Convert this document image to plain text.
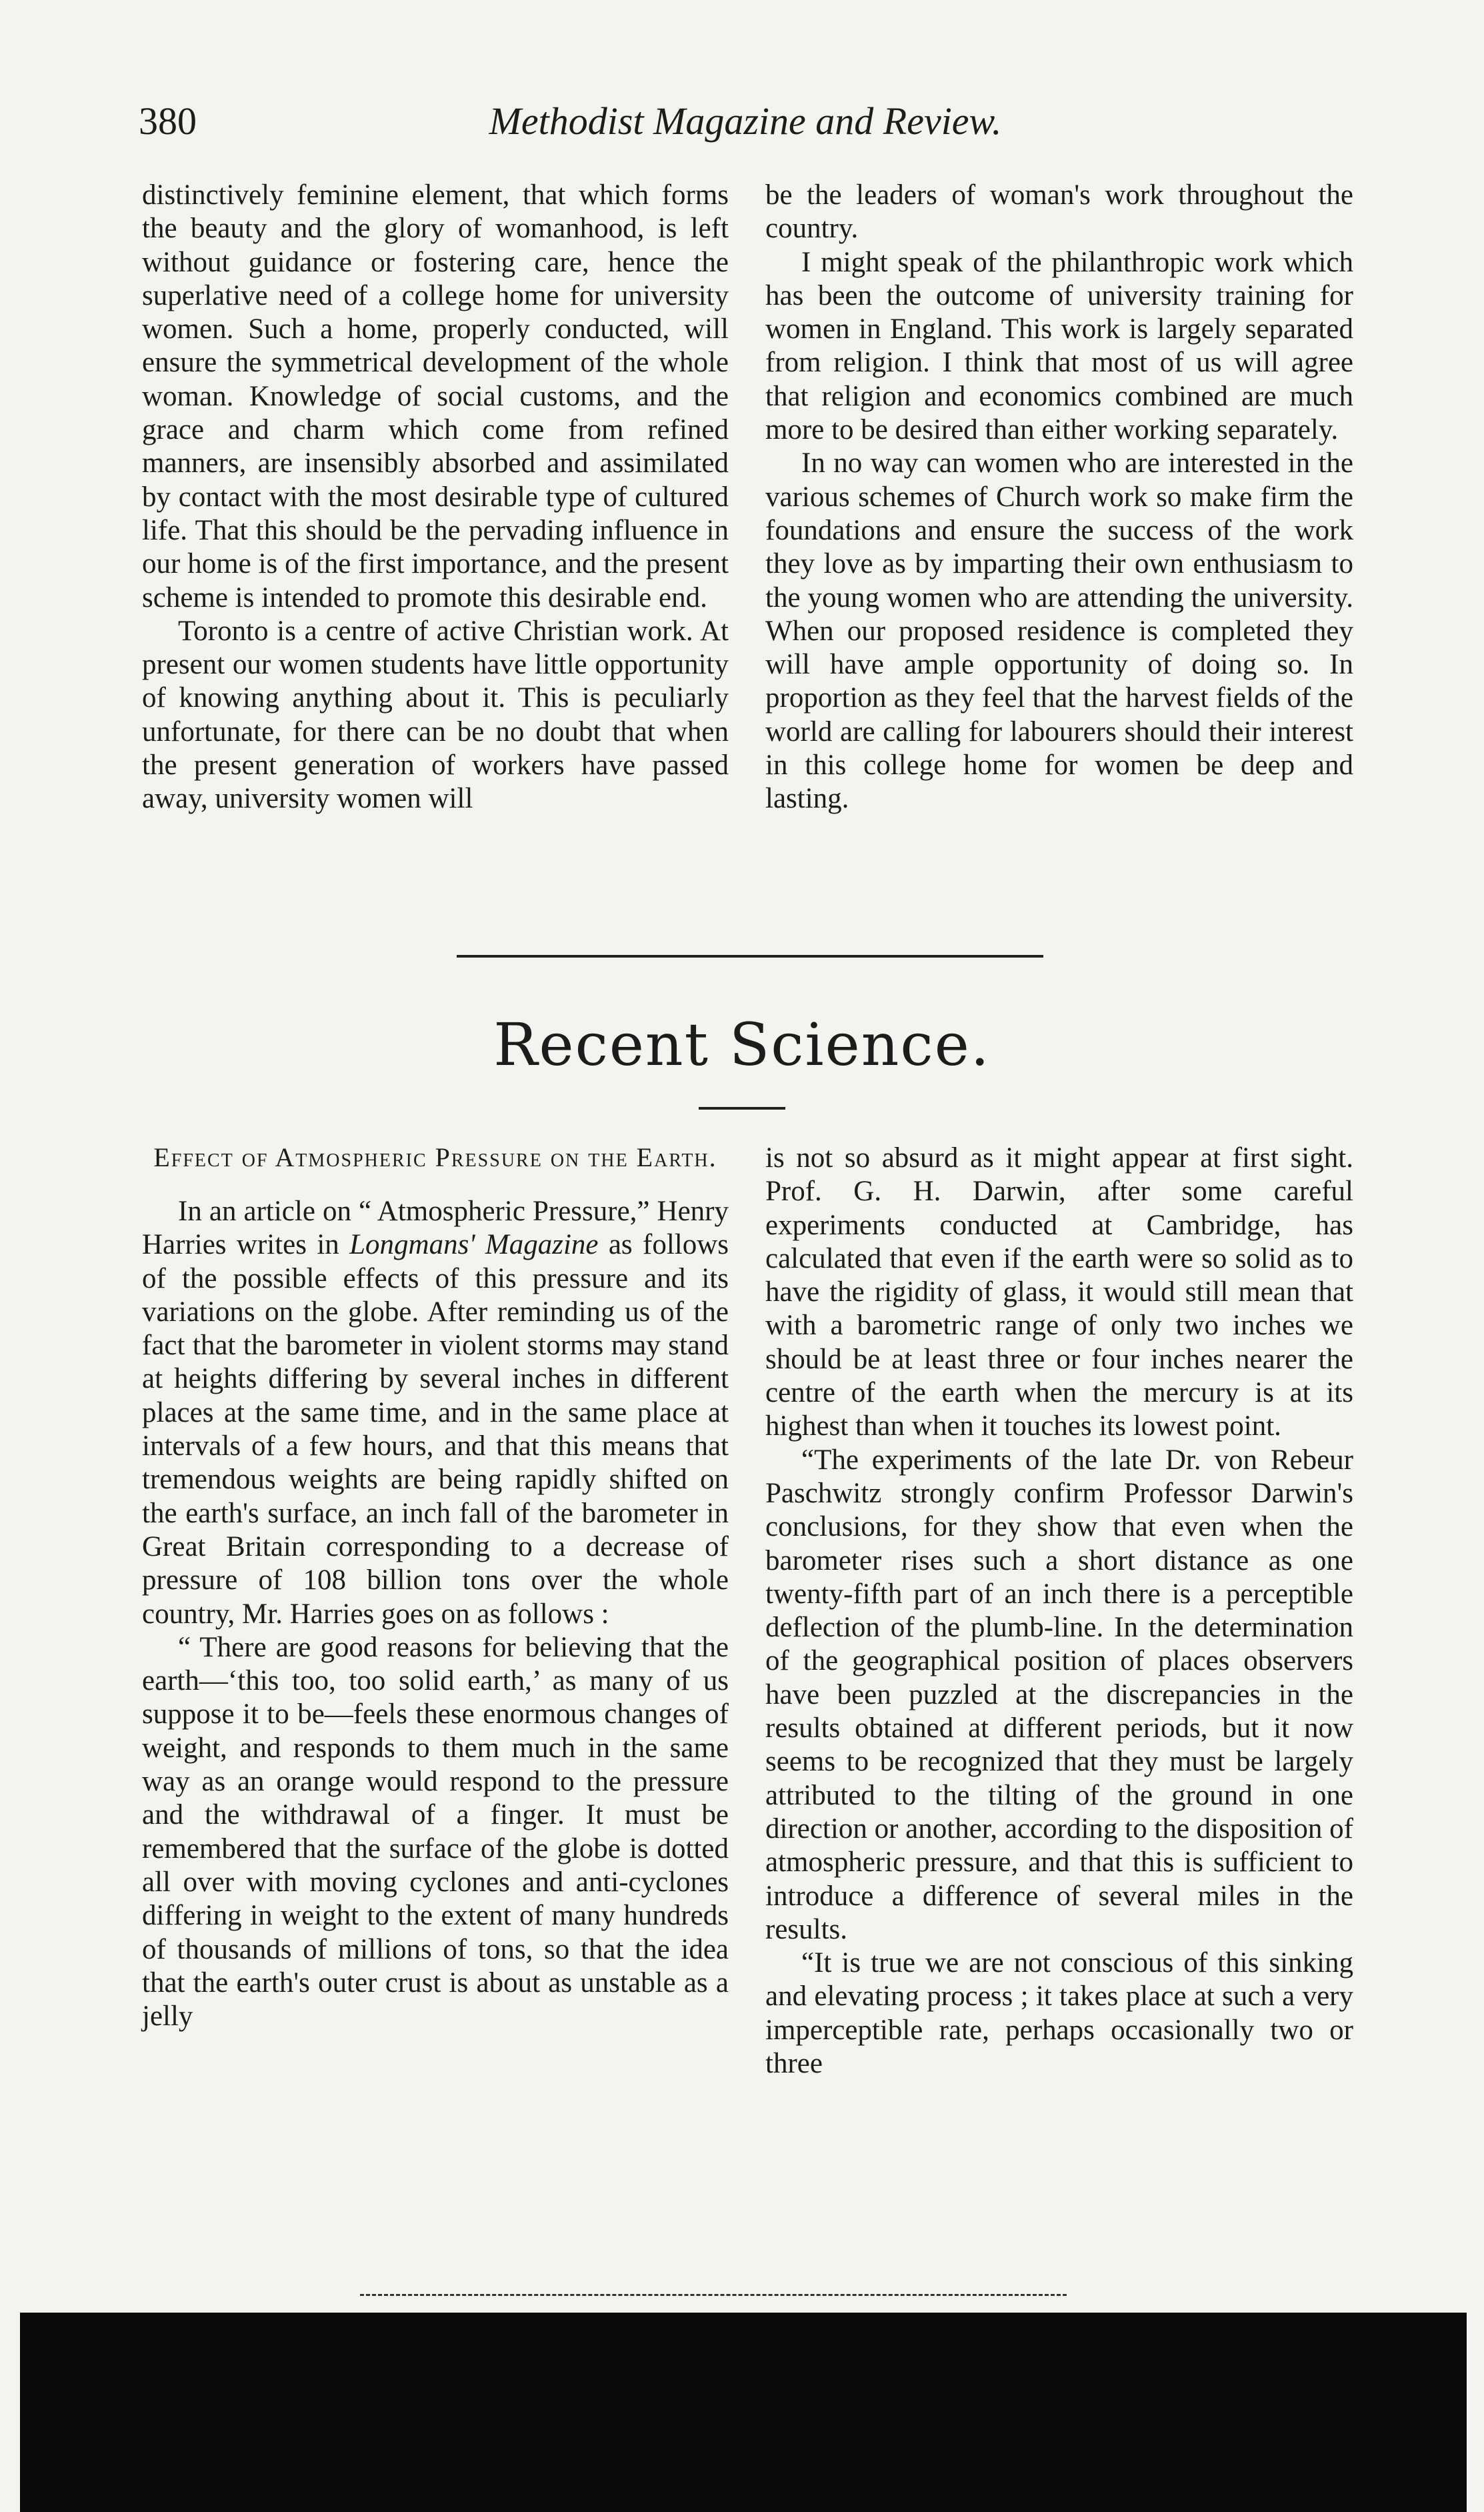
380	Methodist Magazine and Review.

distinctively feminine element, that which forms the beauty and the glory of womanhood, is left without guidance or fostering care, hence the superlative need of a college home for university women. Such a home, properly conducted, will ensure the symmetrical development of the whole woman. Knowledge of social customs, and the grace and charm which come from refined manners, are insensibly absorbed and assimilated by contact with the most desirable type of cultured life. That this should be the pervading influence in our home is of the first importance, and the present scheme is intended to promote this desirable end.

Toronto is a centre of active Christian work. At present our women students have little opportunity of knowing anything about it. This is peculiarly unfortunate, for there can be no doubt that when the present generation of workers have passed away, university women will

be the leaders of woman's work throughout the country.

I might speak of the philanthropic work which has been the outcome of university training for women in England. This work is largely separated from religion. I think that most of us will agree that religion and economics combined are much more to be desired than either working separately.

In no way can women who are interested in the various schemes of Church work so make firm the foundations and ensure the success of the work they love as by imparting their own enthusiasm to the young women who are attending the university. When our proposed residence is completed they will have ample opportunity of doing so. In proportion as they feel that the harvest fields of the world are calling for labourers should their interest in this college home for women be deep and lasting.

Recent Science.
Effect of Atmospheric Pressure on the Earth.

In an article on “ Atmospheric Pressure,” Henry Harries writes in Longmans' Magazine as follows of the possible effects of this pressure and its variations on the globe. After reminding us of the fact that the barometer in violent storms may stand at heights differing by several inches in different places at the same time, and in the same place at intervals of a few hours, and that this means that tremendous weights are being rapidly shifted on the earth's surface, an inch fall of the barometer in Great Britain corresponding to a decrease of pressure of 108 billion tons over the whole country, Mr. Harries goes on as follows :

“ There are good reasons for believing that the earth—‘this too, too solid earth,’ as many of us suppose it to be—feels these enormous changes of weight, and responds to them much in the same way as an orange would respond to the pressure and the withdrawal of a finger. It must be remembered that the surface of the globe is dotted all over with moving cyclones and anti-cyclones differing in weight to the extent of many hundreds of thousands of millions of tons, so that the idea that the earth's outer crust is about as unstable as a jelly

is not so absurd as it might appear at first sight. Prof. G. H. Darwin, after some careful experiments conducted at Cambridge, has calculated that even if the earth were so solid as to have the rigidity of glass, it would still mean that with a barometric range of only two inches we should be at least three or four inches nearer the centre of the earth when the mercury is at its highest than when it touches its lowest point.

“The experiments of the late Dr. von Rebeur Paschwitz strongly confirm Professor Darwin's conclusions, for they show that even when the barometer rises such a short distance as one twenty-fifth part of an inch there is a perceptible deflection of the plumb-line. In the determination of the geographical position of places observers have been puzzled at the discrepancies in the results obtained at different periods, but it now seems to be recognized that they must be largely attributed to the tilting of the ground in one direction or another, according to the disposition of atmospheric pressure, and that this is sufficient to introduce a difference of several miles in the results.

“It is true we are not conscious of this sinking and elevating process ; it takes place at such a very imperceptible rate, perhaps occasionally two or three
